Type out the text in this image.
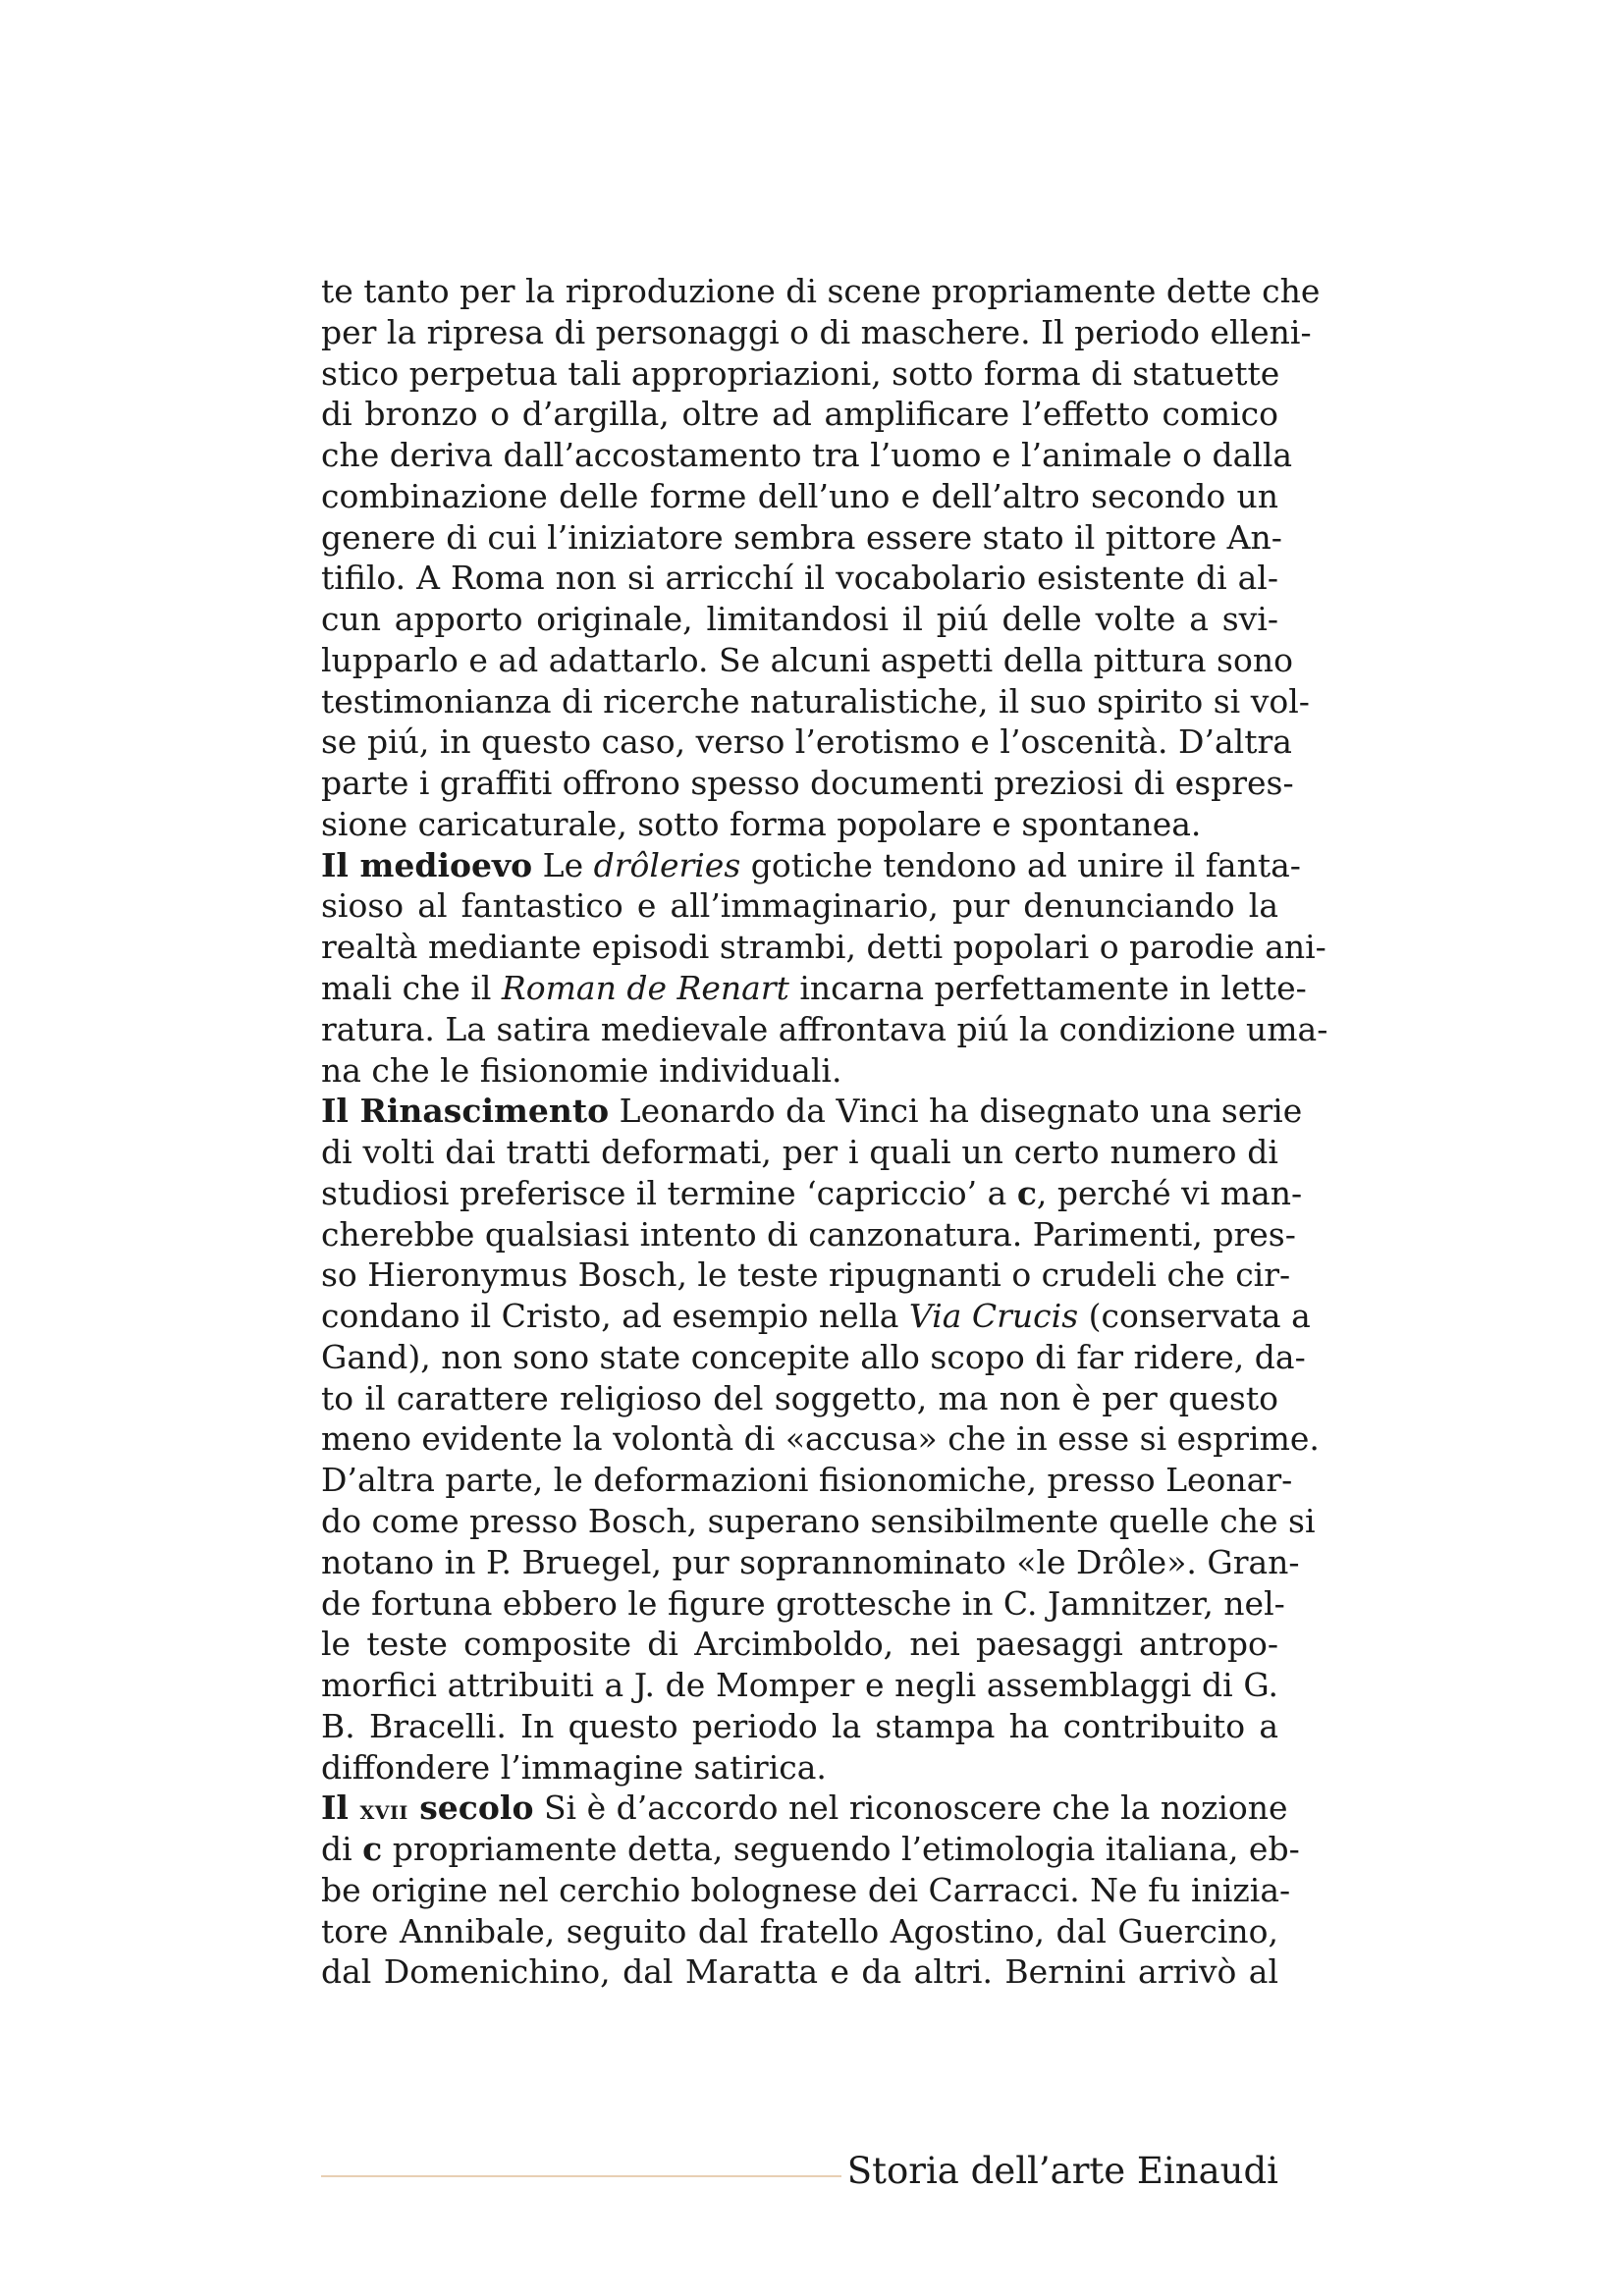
te tanto per la riproduzione di scene propriamente dette che
per la ripresa di personaggi o di maschere. Il periodo elleni-
stico perpetua tali appropriazioni, sotto forma di statuette
di bronzo o d’argilla, oltre ad amplificare l’effetto comico
che deriva dall’accostamento tra l’uomo e l’animale o dalla
combinazione delle forme dell’uno e dell’altro secondo un
genere di cui l’iniziatore sembra essere stato il pittore An-
tifilo. A Roma non si arricchí il vocabolario esistente di al-
cun apporto originale, limitandosi il piú delle volte a svi-
lupparlo e ad adattarlo. Se alcuni aspetti della pittura sono
testimonianza di ricerche naturalistiche, il suo spirito si vol-
se piú, in questo caso, verso l’erotismo e l’oscenità. D’altra
parte i graffiti offrono spesso documenti preziosi di espres-
sione caricaturale, sotto forma popolare e spontanea.
Il medioevo Le drôleries gotiche tendono ad unire il fanta-
sioso al fantastico e all’immaginario, pur denunciando la
realtà mediante episodi strambi, detti popolari o parodie ani-
mali che il Roman de Renart incarna perfettamente in lette-
ratura. La satira medievale affrontava piú la condizione uma-
na che le fisionomie individuali.
Il Rinascimento Leonardo da Vinci ha disegnato una serie
di volti dai tratti deformati, per i quali un certo numero di
studiosi preferisce il termine ‘capriccio’ a c, perché vi man-
cherebbe qualsiasi intento di canzonatura. Parimenti, pres-
so Hieronymus Bosch, le teste ripugnanti o crudeli che cir-
condano il Cristo, ad esempio nella Via Crucis (conservata a
Gand), non sono state concepite allo scopo di far ridere, da-
to il carattere religioso del soggetto, ma non è per questo
meno evidente la volontà di «accusa» che in esse si esprime.
D’altra parte, le deformazioni fisionomiche, presso Leonar-
do come presso Bosch, superano sensibilmente quelle che si
notano in P. Bruegel, pur soprannominato «le Drôle». Gran-
de fortuna ebbero le figure grottesche in C. Jamnitzer, nel-
le teste composite di Arcimboldo, nei paesaggi antropo-
morfici attribuiti a J. de Momper e negli assemblaggi di G.
B. Bracelli. In questo periodo la stampa ha contribuito a
diffondere l’immagine satirica.
Il xvii secolo Si è d’accordo nel riconoscere che la nozione
di c propriamente detta, seguendo l’etimologia italiana, eb-
be origine nel cerchio bolognese dei Carracci. Ne fu inizia-
tore Annibale, seguito dal fratello Agostino, dal Guercino,
dal Domenichino, dal Maratta e da altri. Bernini arrivò al
Storia dell’arte Einaudi
